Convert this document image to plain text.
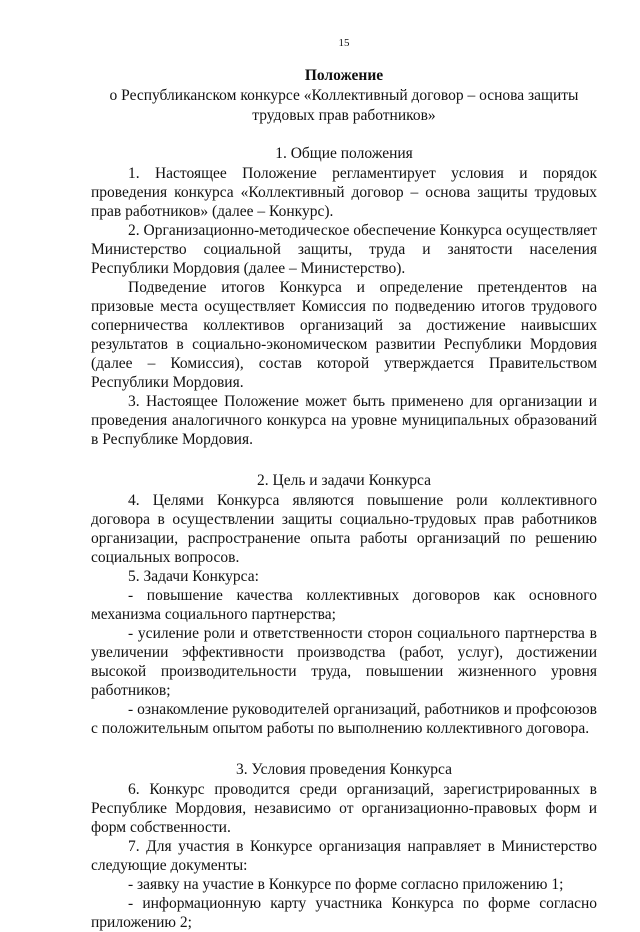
15
Положение
о Республиканском конкурсе «Коллективный договор – основа защиты трудовых прав работников»
1. Общие положения

1. Настоящее Положение регламентирует условия и порядок проведения конкурса «Коллективный договор – основа защиты трудовых прав работников» (далее – Конкурс).

2. Организационно-методическое обеспечение Конкурса осуществляет Министерство социальной защиты, труда и занятости населения Республики Мордовия (далее – Министерство).

Подведение итогов Конкурса и определение претендентов на призовые места осуществляет Комиссия по подведению итогов трудового соперничества коллективов организаций за достижение наивысших результатов в социально-экономическом развитии Республики Мордовия (далее – Комиссия), состав которой утверждается Правительством Республики Мордовия.

3. Настоящее Положение может быть применено для организации и проведения аналогичного конкурса на уровне муниципальных образований в Республике Мордовия.

2. Цель и задачи Конкурса

4. Целями Конкурса являются повышение роли коллективного договора в осуществлении защиты социально-трудовых прав работников организации, распространение опыта работы организаций по решению социальных вопросов.

5. Задачи Конкурса:

- повышение качества коллективных договоров как основного механизма социального партнерства;

- усиление роли и ответственности сторон социального партнерства в увеличении эффективности производства (работ, услуг), достижении высокой производительности труда, повышении жизненного уровня работников;

- ознакомление руководителей организаций, работников и профсоюзов с положительным опытом работы по выполнению коллективного договора.

3. Условия проведения Конкурса

6. Конкурс проводится среди организаций, зарегистрированных в Республике Мордовия, независимо от организационно-правовых форм и форм собственности.

7. Для участия в Конкурсе организация направляет в Министерство следующие документы:

- заявку на участие в Конкурсе по форме согласно приложению 1;

- информационную карту участника Конкурса по форме согласно приложению 2;
